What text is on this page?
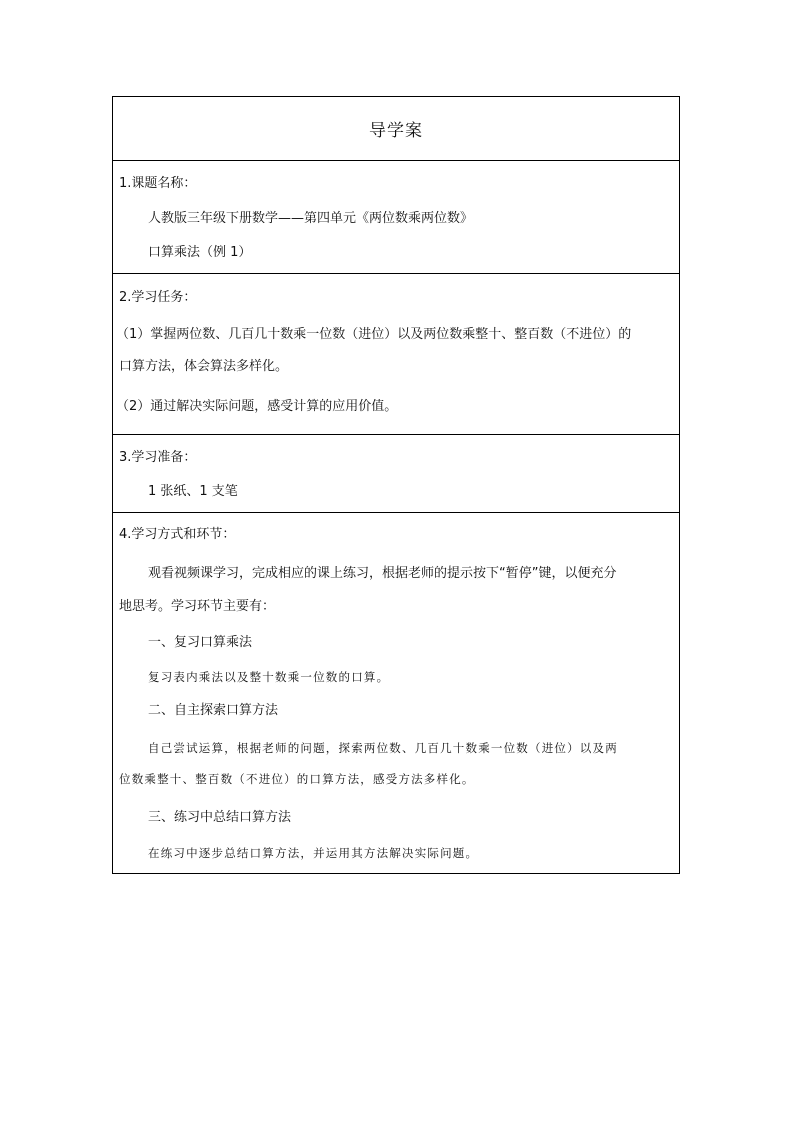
导学案
1.课题名称：
人教版三年级下册数学——第四单元《两位数乘两位数》
口算乘法（例 1）
2.学习任务：
（1）掌握两位数、几百几十数乘一位数（进位）以及两位数乘整十、整百数（不进位）的
口算方法，体会算法多样化。
（2）通过解决实际问题，感受计算的应用价值。
3.学习准备：
1 张纸、1 支笔
4.学习方式和环节：
观看视频课学习，完成相应的课上练习，根据老师的提示按下“暂停”键，以便充分
地思考。学习环节主要有：
一、复习口算乘法
复习表内乘法以及整十数乘一位数的口算。
二、自主探索口算方法
自己尝试运算，根据老师的问题，探索两位数、几百几十数乘一位数（进位）以及两
位数乘整十、整百数（不进位）的口算方法，感受方法多样化。
三、练习中总结口算方法
在练习中逐步总结口算方法，并运用其方法解决实际问题。
